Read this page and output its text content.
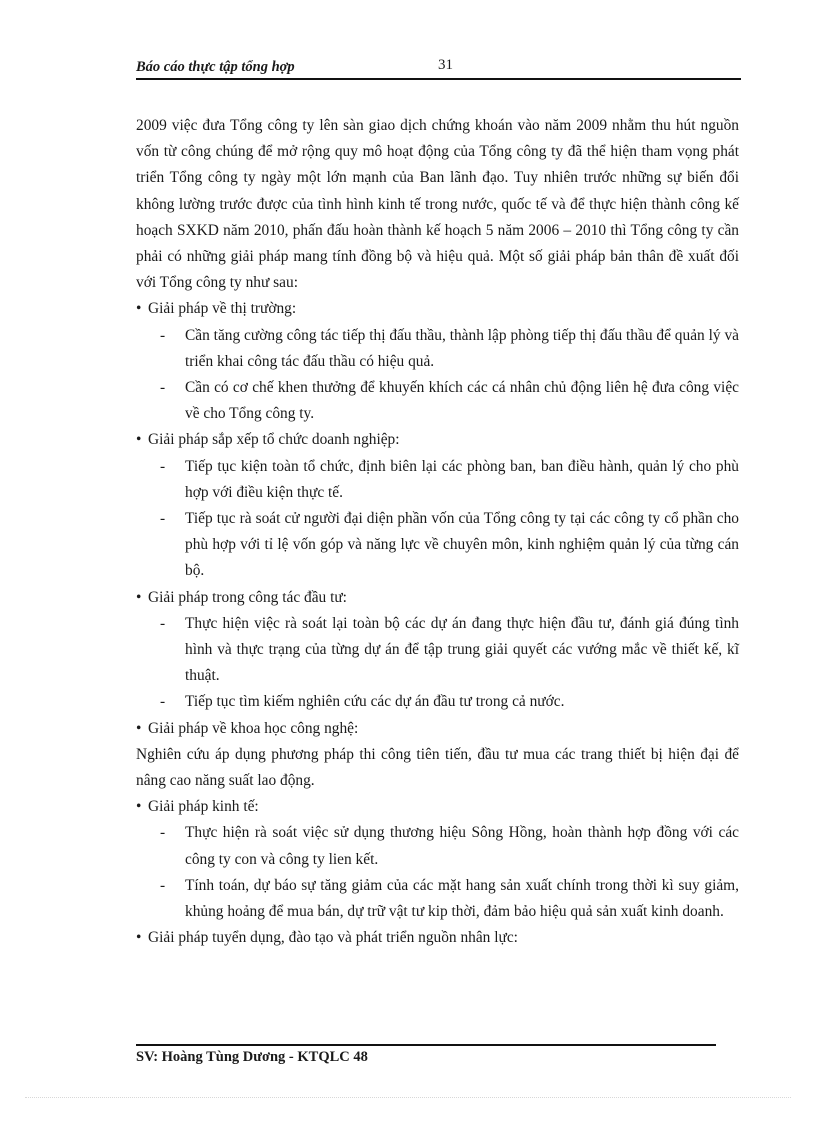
Báo cáo thực tập tổng hợp	31

2009 việc đưa Tổng công ty lên sàn giao dịch chứng khoán vào năm 2009 nhằm thu hút nguồn vốn từ công chúng để mở rộng quy mô hoạt động của Tổng công ty đã thể hiện tham vọng phát triển Tổng công ty ngày một lớn mạnh của Ban lãnh đạo. Tuy nhiên trước những sự biến đổi không lường trước được của tình hình kinh tế trong nước, quốc tế và để thực hiện thành công kế hoạch SXKD năm 2010, phấn đấu hoàn thành kế hoạch 5 năm 2006 – 2010 thì Tổng công ty cần phải có những giải pháp mang tính đồng bộ và hiệu quả. Một số giải pháp bản thân đề xuất đối với Tổng công ty như sau:

• Giải pháp về thị trường:

- Cần tăng cường công tác tiếp thị đấu thầu, thành lập phòng tiếp thị đấu thầu để quản lý và triển khai công tác đấu thầu có hiệu quả.

- Cần có cơ chế khen thưởng để khuyến khích các cá nhân chủ động liên hệ đưa công việc về cho Tổng công ty.

• Giải pháp sắp xếp tổ chức doanh nghiệp:

- Tiếp tục kiện toàn tổ chức, định biên lại các phòng ban, ban điều hành, quản lý cho phù hợp với điều kiện thực tế.

- Tiếp tục rà soát cử người đại diện phần vốn của Tổng công ty tại các công ty cổ phần cho phù hợp với tỉ lệ vốn góp và năng lực về chuyên môn, kinh nghiệm quản lý của từng cán bộ.

• Giải pháp trong công tác đầu tư:

- Thực hiện việc rà soát lại toàn bộ các dự án đang thực hiện đầu tư, đánh giá đúng tình hình và thực trạng của từng dự án để tập trung giải quyết các vướng mắc về thiết kế, kĩ thuật.

- Tiếp tục tìm kiếm nghiên cứu các dự án đầu tư trong cả nước.

• Giải pháp về khoa học công nghệ:

Nghiên cứu áp dụng phương pháp thi công tiên tiến, đầu tư mua các trang thiết bị hiện đại để nâng cao năng suất lao động.

• Giải pháp kinh tế:

- Thực hiện rà soát việc sử dụng thương hiệu Sông Hồng, hoàn thành hợp đồng với các công ty con và công ty lien kết.

- Tính toán, dự báo sự tăng giảm của các mặt hang sản xuất chính trong thời kì suy giảm, khủng hoảng để mua bán, dự trữ vật tư kip thời, đảm bảo hiệu quả sản xuất kinh doanh.

• Giải pháp tuyển dụng, đào tạo và phát triển nguồn nhân lực:

SV: Hoàng Tùng Dương - KTQLC 48
